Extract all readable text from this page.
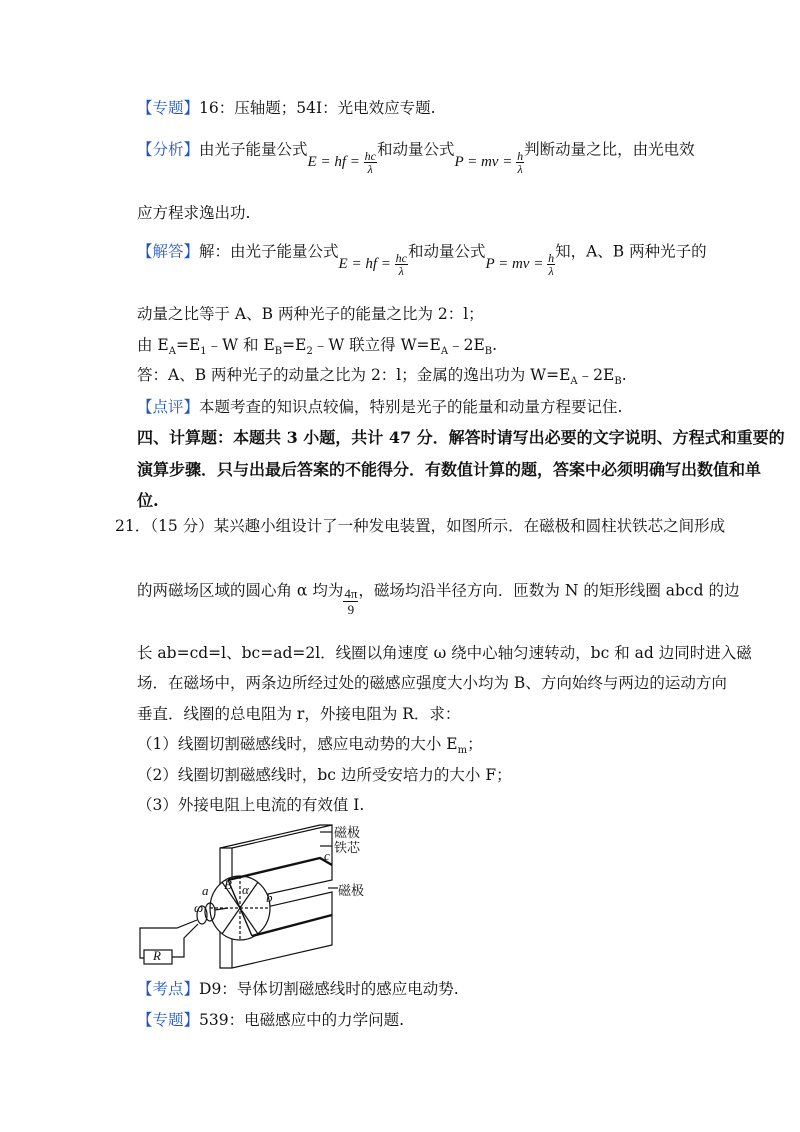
【专题】16：压轴题；54I：光电效应专题.
【分析】由光子能量公式E = hf = $\frac{hc}{\lambda}$
和动量公式P = mv = $\frac{h}{\lambda}$
判断动量之比，由光电效
应方程求逸出功.
【解答】解：由光子能量公式E = hf = $\frac{hc}{\lambda}$
和动量公式P = mv = $\frac{h}{\lambda}$
知，A、B 两种光子的
动量之比等于 A、B 两种光子的能量之比为 2：l；
由 $E_A=E_1﹣W$ 和 $E_B=E_2﹣W$ 联立得 $W=E_A﹣2E_B$.
答：A、B 两种光子的动量之比为 2：l；金属的逸出功为 $W=E_A﹣2E_B$.
【点评】本题考查的知识点较偏，特别是光子的能量和动量方程要记住.
四、计算题：本题共 3 小题，共计 47 分．解答时请写出必要的文字说明、方程式和重要的
演算步骤．只与出最后答案的不能得分．有数值计算的题，答案中必须明确写出数值和单
位.
21．（15 分）某兴趣小组设计了一种发电装置，如图所示．在磁极和圆柱状铁芯之间形成
的两磁场区域的圆心角 α 均为 $\frac{4\pi}{9}$ ，磁场均沿半径方向．匝数为 N 的矩形线圈 abcd 的边
长 ab=cd=l、bc=ad=2l．线圈以角速度 ω 绕中心轴匀速转动，bc 和 ad 边同时进入磁
场．在磁场中，两条边所经过处的磁感应强度大小均为 B、方向始终与两边的运动方向
垂直．线圈的总电阻为 r，外接电阻为 R．求：
（1）线圈切割磁感线时，感应电动势的大小 $E_m$；
（2）线圈切割磁感线时，bc 边所受安培力的大小 F；
（3）外接电阻上电流的有效值 I.
磁极
铁芯
c
磁极
a
ω
B α
b
R
【考点】D9：导体切割磁感线时的感应电动势.
【专题】539：电磁感应中的力学问题.
